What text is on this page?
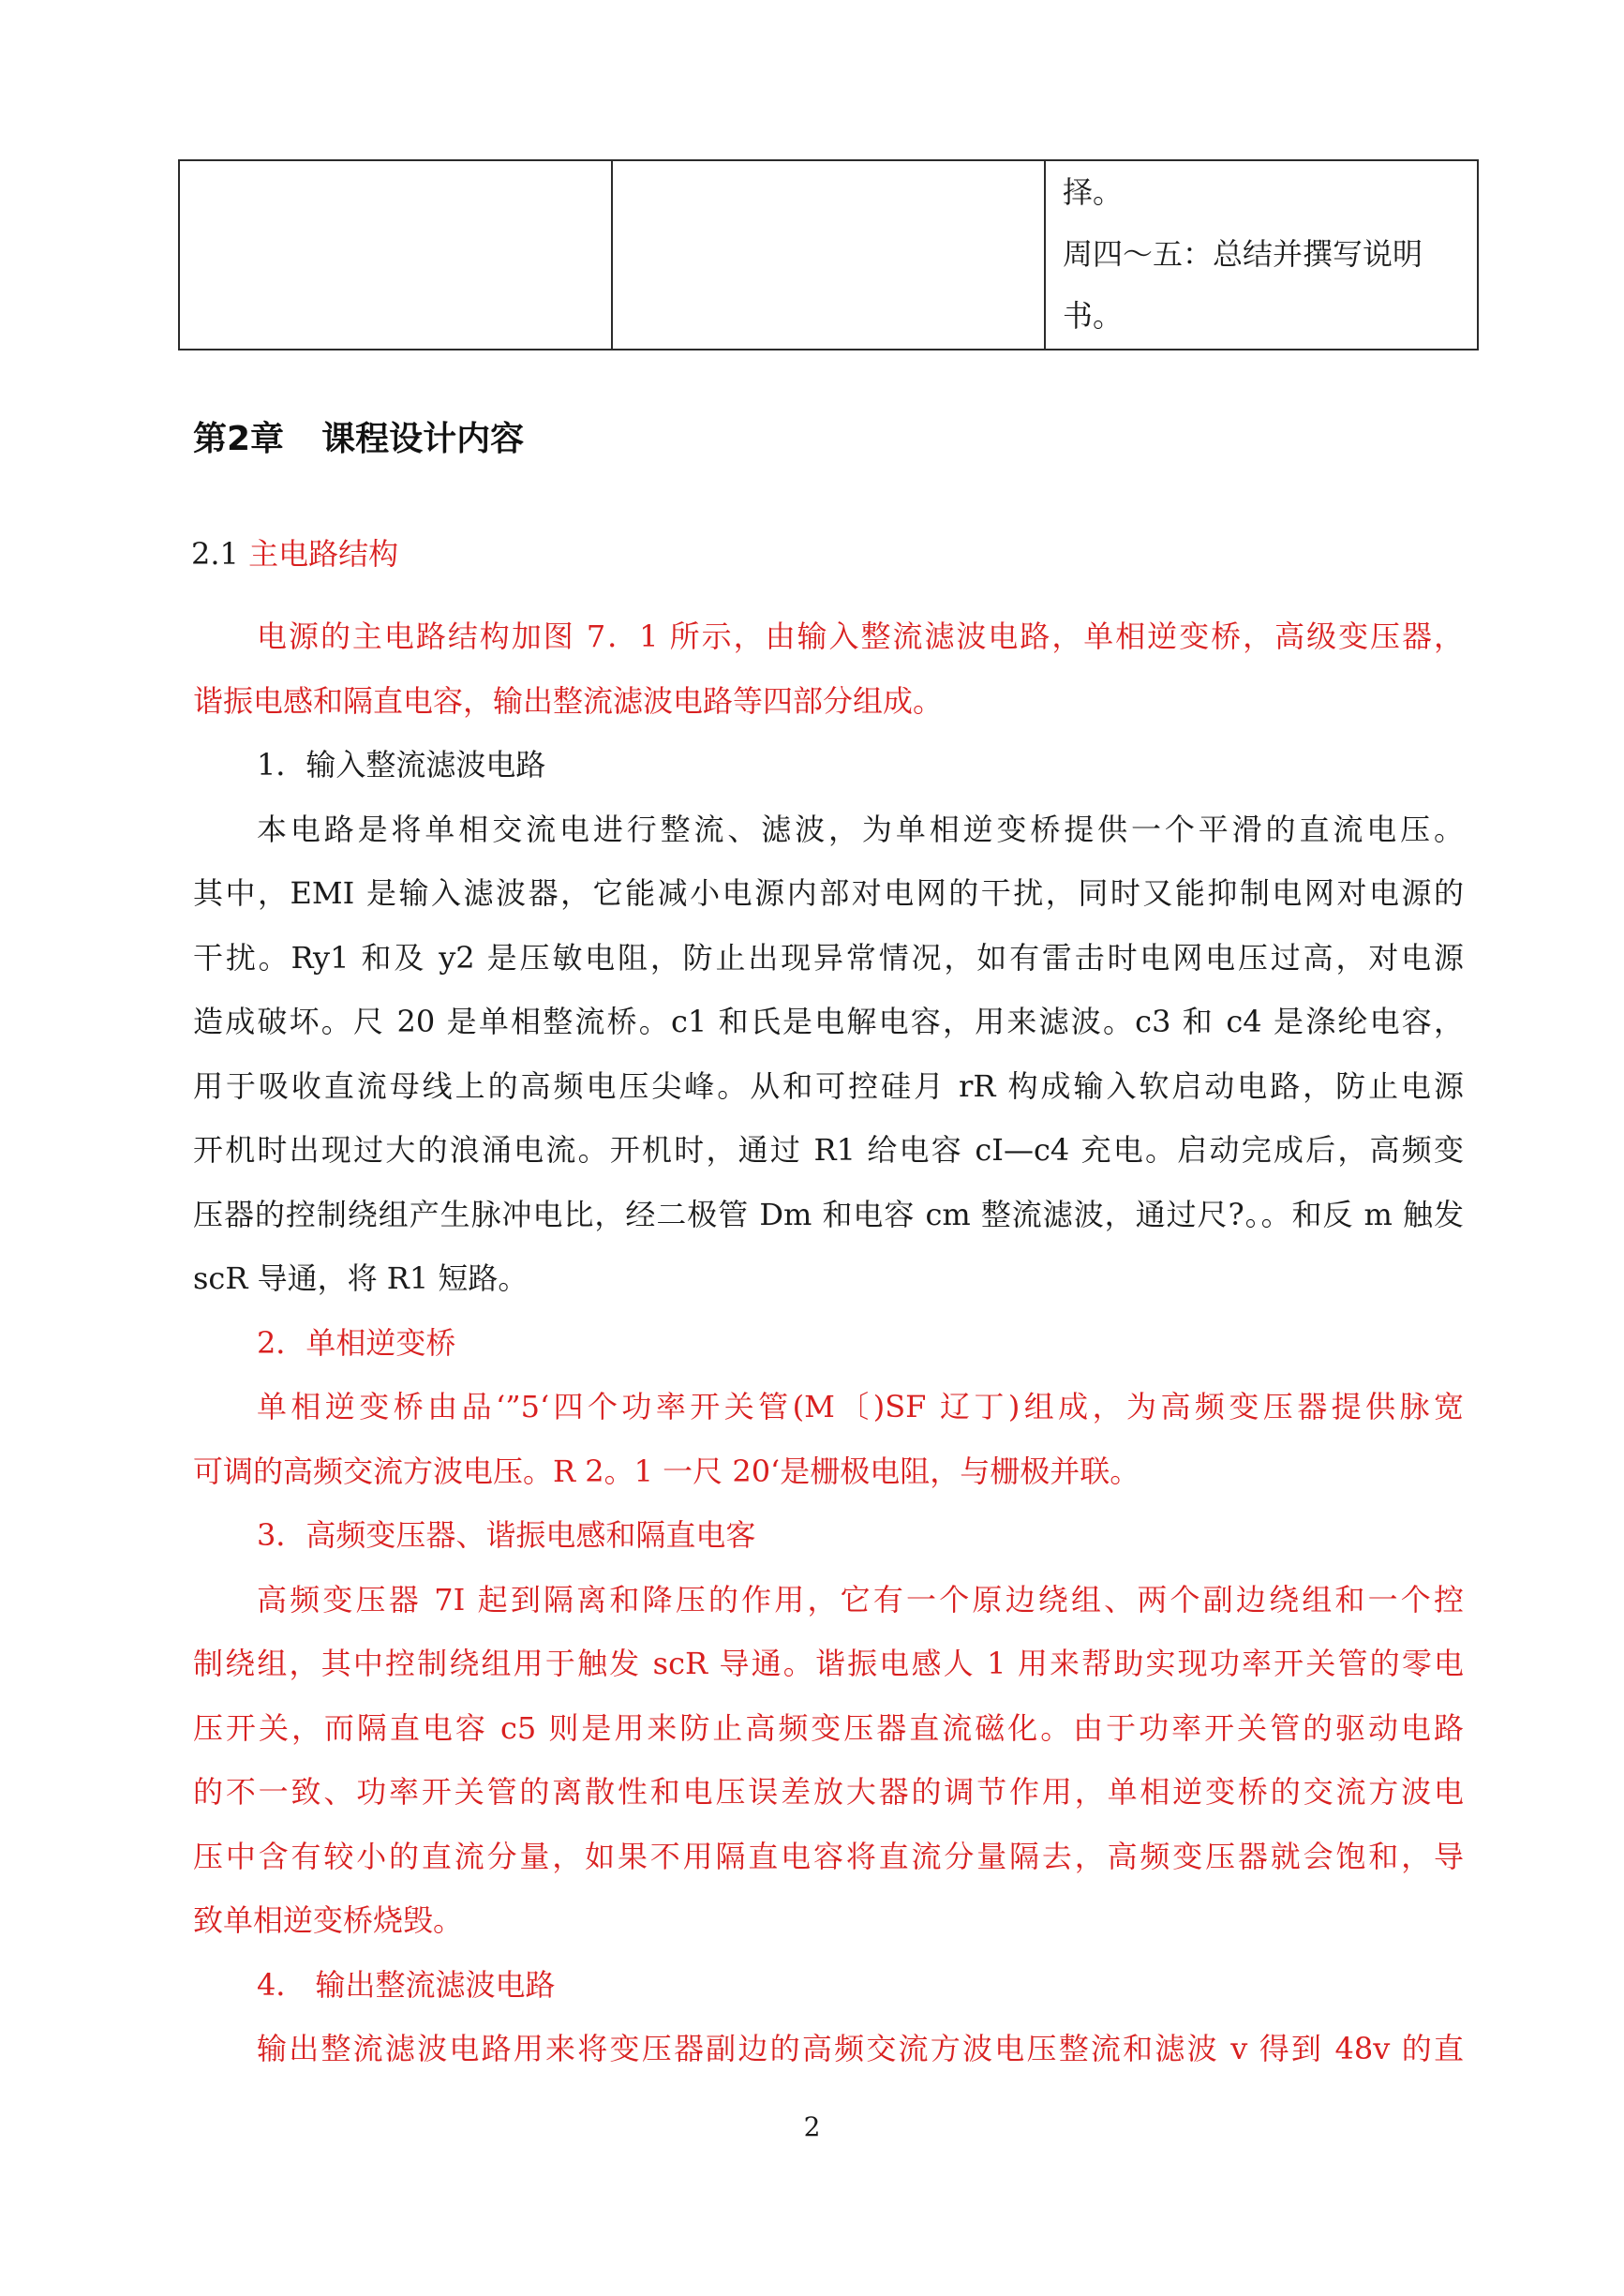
择。
周四～五：总结并撰写说明
书。
第2章 课程设计内容
2.1 主电路结构
电源的主电路结构加图 7．1 所示，由输入整流滤波电路，单相逆变桥，高级变压器，
谐振电感和隔直电容，输出整流滤波电路等四部分组成。
1．输入整流滤波电路
本电路是将单相交流电进行整流、滤波，为单相逆变桥提供一个平滑的直流电压。
其中，EMI 是输入滤波器，它能减小电源内部对电网的干扰，同时又能抑制电网对电源的
干扰。Ry1 和及 y2 是压敏电阻，防止出现异常情况，如有雷击时电网电压过高，对电源
造成破坏。尺 20 是单相整流桥。c1 和氏是电解电容，用来滤波。c3 和 c4 是涤纶电容，
用于吸收直流母线上的高频电压尖峰。从和可控硅月 rR 构成输入软启动电路，防止电源
开机时出现过大的浪涌电流。开机时，通过 R1 给电容 cI—c4 充电。启动完成后，高频变
压器的控制绕组产生脉冲电比，经二极管 Dm 和电容 cm 整流滤波，通过尺?。。和反 m 触发
scR 导通，将 R1 短路。
2．单相逆变桥
单相逆变桥由品‘”5‘四个功率开关管(M〔)SF 辽丁)组成，为高频变压器提供脉宽
可调的高频交流方波电压。R 2。1 一尺 20‘是栅极电阻，与栅极并联。
3．高频变压器、谐振电感和隔直电客
高频变压器 7I 起到隔离和降压的作用，它有一个原边绕组、两个副边绕组和一个控
制绕组，其中控制绕组用于触发 scR 导通。谐振电感人 1 用来帮助实现功率开关管的零电
压开关，而隔直电容 c5 则是用来防止高频变压器直流磁化。由于功率开关管的驱动电路
的不一致、功率开关管的离散性和电压误差放大器的调节作用，单相逆变桥的交流方波电
压中含有较小的直流分量，如果不用隔直电容将直流分量隔去，高频变压器就会饱和，导
致单相逆变桥烧毁。
4． 输出整流滤波电路
输出整流滤波电路用来将变压器副边的高频交流方波电压整流和滤波 v 得到 48v 的直
2
